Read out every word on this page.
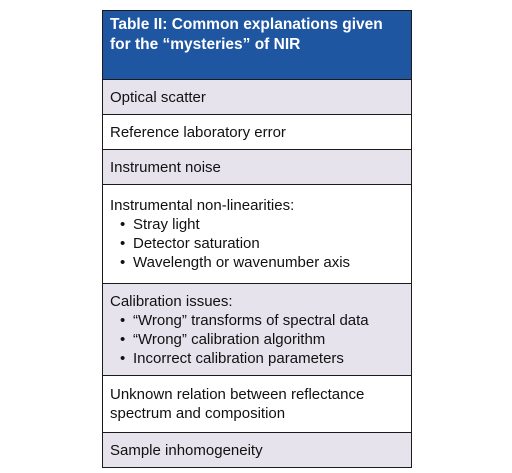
Table II: Common explanations given
for the “mysteries” of NIR
Optical scatter
Reference laboratory error
Instrument noise
Instrumental non-linearities:
• Stray light
• Detector saturation
• Wavelength or wavenumber axis
Calibration issues:
• “Wrong” transforms of spectral data
• “Wrong” calibration algorithm
• Incorrect calibration parameters
Unknown relation between reflectance
spectrum and composition
Sample inhomogeneity
